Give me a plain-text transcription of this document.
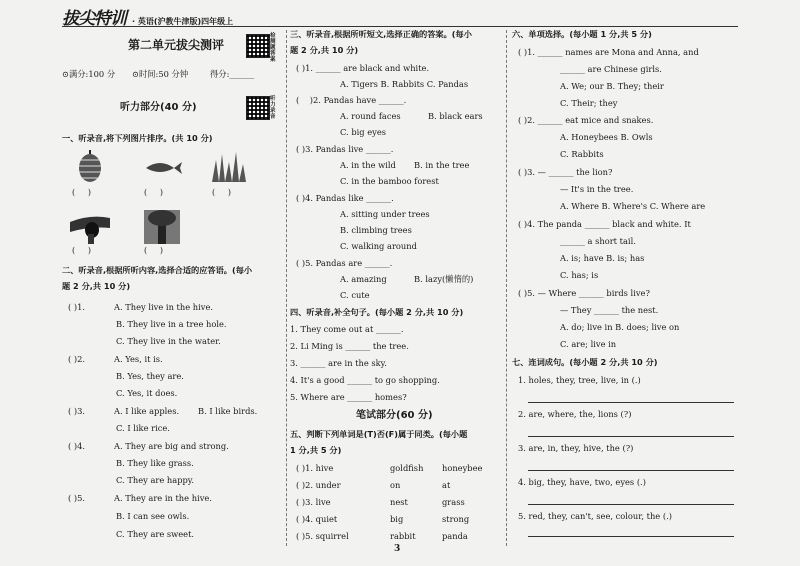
拔尖特训 · 英语(沪教牛津版)四年级上
第二单元拔尖测评
检测题答案
⊙满分:100 分 ⊙时间:50 分钟	得分:______
听力部分(40 分)
听力录音
一、听录音,将下列图片排序。(共 10 分)
(     )	(     )	(     )
(     )	(     )
二、听录音,根据所听内容,选择合适的应答语。(每小
题 2 分,共 10 分)
( )1.	A. They live in the hive.
B. They live in a tree hole.
C. They live in the water.
( )2.	A. Yes, it is.
B. Yes, they are.
C. Yes, it does.
( )3.	A. I like apples. B. I like birds.
C. I like rice.
( )4.	A. They are big and strong.
B. They like grass.
C. They are happy.
( )5.	A. They are in the hive.
B. I can see owls.
C. They are sweet.
三、听录音,根据所听短文,选择正确的答案。(每小
题 2 分,共 10 分)
( )1. ______ are black and white.
A. Tigers B. Rabbits C. Pandas
(    )2. Pandas have ______.
A. round faces	B. black ears
C. big eyes
( )3. Pandas live ______.
A. in the wild B. in the tree
C. in the bamboo forest
( )4. Pandas like ______.
A. sitting under trees
B. climbing trees
C. walking around
( )5. Pandas are ______.
A. amazing	B. lazy(懒惰的)
C. cute
四、听录音,补全句子。(每小题 2 分,共 10 分)
1. They come out at ______.
2. Li Ming is ______ the tree.
3. ______ are in the sky.
4. It's a good ______ to go shopping.
5. Where are ______ homes?
笔试部分(60 分)
五、判断下列单词是(T)否(F)属于同类。(每小题
1 分,共 5 分)
( )1. hive	goldfish honeybee
( )2. under	on	at
( )3. live	nest	grass
( )4. quiet	big	strong
( )5. squirrel	rabbit	panda
六、单项选择。(每小题 1 分,共 5 分)
( )1. ______ names are Mona and Anna, and
______ are Chinese girls.
A. We; our B. They; their
C. Their; they
( )2. ______ eat mice and snakes.
A. Honeybees B. Owls
C. Rabbits
( )3. — ______ the lion?
— It's in the tree.
A. Where B. Where's C. Where are
( )4. The panda ______ black and white. It
______ a short tail.
A. is; have B. is; has
C. has; is
( )5. — Where ______ birds live?
— They ______ the nest.
A. do; live in B. does; live on
C. are; live in
七、连词成句。(每小题 2 分,共 10 分)
1. holes, they, tree, live, in (.)
2. are, where, the, lions (?)
3. are, in, they, hive, the (?)
4. big, they, have, two, eyes (.)
5. red, they, can't, see, colour, the (.)
3
